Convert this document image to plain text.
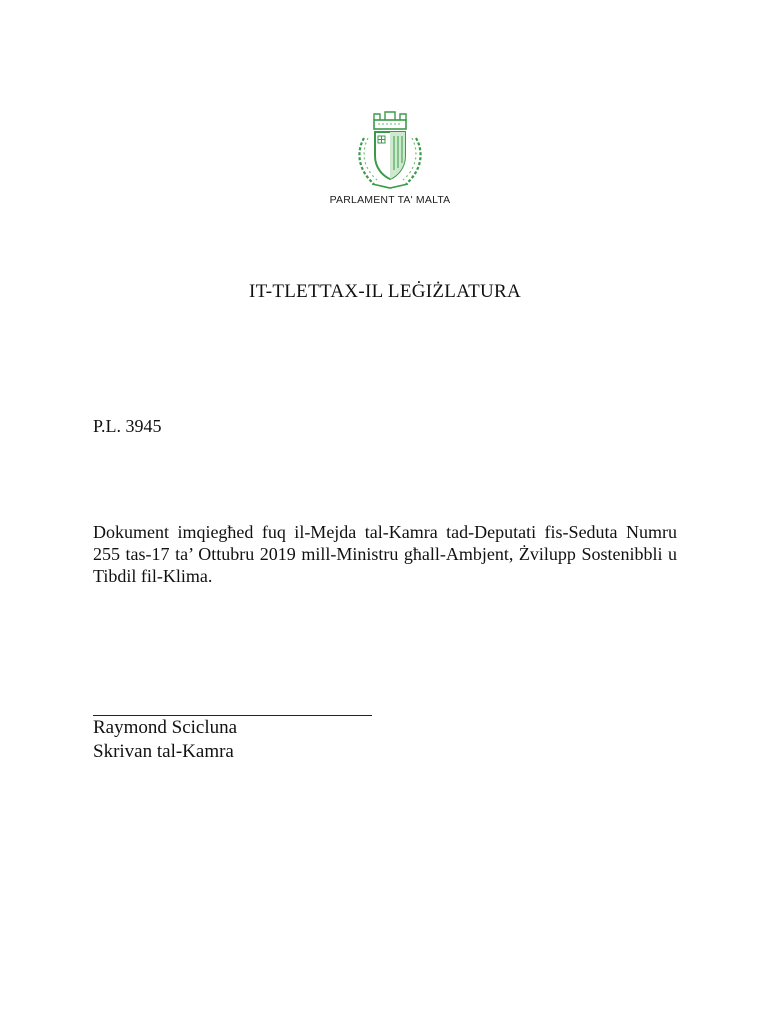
PARLAMENT TA' MALTA
IT-TLETTAX-IL LEĠIŻLATURA
P.L. 3945
Dokument imqiegħed fuq il-Mejda tal-Kamra tad-Deputati fis-Seduta Numru 255 tas-17 ta’ Ottubru 2019 mill-Ministru għall-Ambjent, Żvilupp Sostenibbli u Tibdil fil-Klima.
Raymond Scicluna
Skrivan tal-Kamra
